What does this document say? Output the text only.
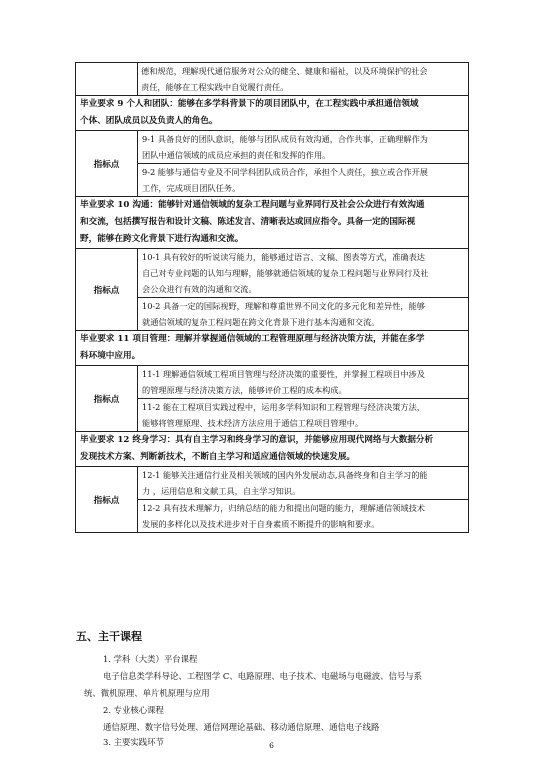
	德和规范，理解现代通信服务对公众的健全、健康和福祉，以及环境保护的社会
责任，能够在工程实践中自觉履行责任。

毕业要求 9 个人和团队：能够在多学科背景下的项目团队中，在工程实践中承担通信领域
个体、团队成员以及负责人的角色。	

指标点	9-1 具备良好的团队意识，能够与团队成员有效沟通，合作共事，正确理解作为
团队中通信领域的成员应承担的责任和发挥的作用。

	9-2 能够与通信专业及不同学科团队成员合作，承担个人责任，独立或合作开展
工作，完成项目团队任务。

毕业要求 10 沟通：能够针对通信领域的复杂工程问题与业界同行及社会公众进行有效沟通
和交流，包括撰写报告和设计文稿、陈述发言、清晰表达或回应指令。具备一定的国际视
野，能够在跨文化背景下进行沟通和交流。	

指标点	10-1 具有较好的听说读写能力，能够通过语言、文稿、图表等方式，准确表达
自己对专业问题的认知与理解，能够就通信领域的复杂工程问题与业界同行及社
会公众进行有效的沟通和交流。

	10-2 具备一定的国际视野，理解和尊重世界不同文化的多元化和差异性，能够
就通信领域的复杂工程问题在跨文化背景下进行基本沟通和交流。

毕业要求 11 项目管理：理解并掌握通信领域的工程管理原理与经济决策方法，并能在多学
科环境中应用。	

指标点	11-1 理解通信领域工程项目管理与经济决策的重要性，并掌握工程项目中涉及
的管理原理与经济决策方法，能够评价工程的成本构成。

	11-2 能在工程项目实践过程中，运用多学科知识和工程管理与经济决策方法，
能够将管理原理、技术经济方法应用于通信工程项目管理中。

毕业要求 12 终身学习：具有自主学习和终身学习的意识，并能够应用现代网络与大数据分析
发现技术方案、判断新技术，不断自主学习和适应通信领域的快速发展。	

指标点	12-1 能够关注通信行业及相关领域的国内外发展动态,具备终身和自主学习的能
力 ，运用信息和文献工具，自主学习知识。

	12-2 具有技术理解力，归纳总结的能力和提出问题的能力，理解通信领域技术
发展的多样化以及技术进步对于自身素质不断提升的影响和要求。
五、主干课程
1. 学科（大类）平台课程
电子信息类学科导论、工程图学 C、电路原理、电子技术、电磁场与电磁波、信号与系
统、微机原理、单片机原理与应用
2. 专业核心课程
通信原理、数字信号处理、通信网理论基础、移动通信原理、通信电子线路
3. 主要实践环节	6
